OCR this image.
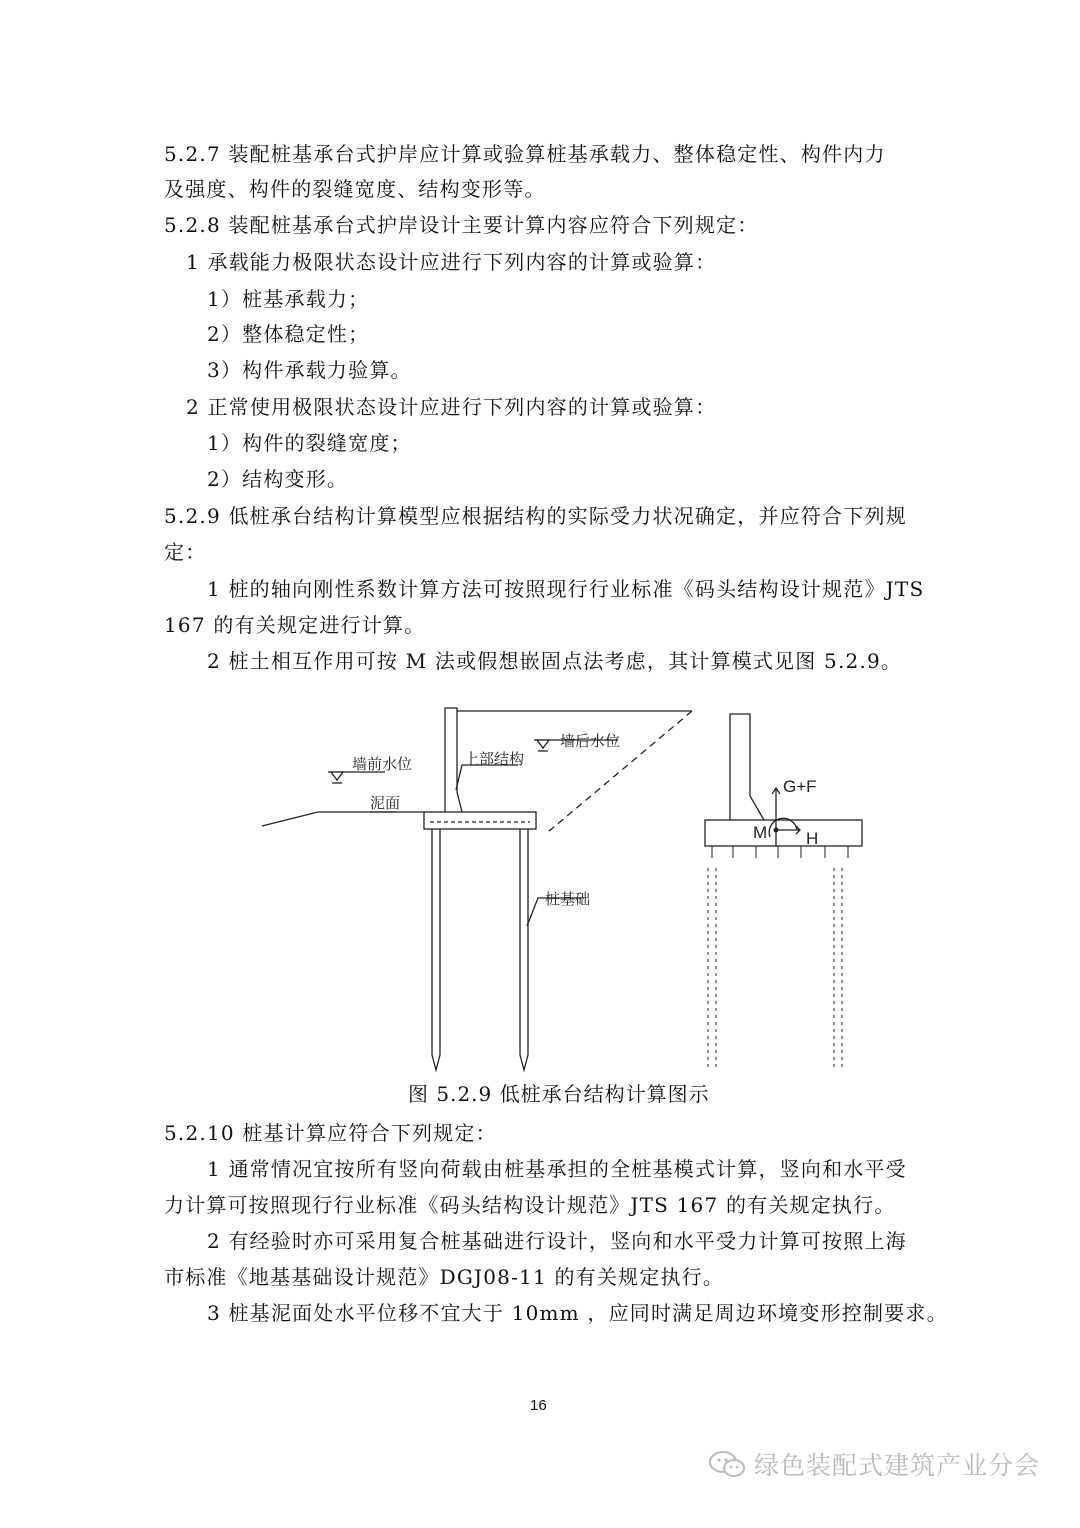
5.2.7 装配桩基承台式护岸应计算或验算桩基承载力、整体稳定性、构件内力
及强度、构件的裂缝宽度、结构变形等。
5.2.8 装配桩基承台式护岸设计主要计算内容应符合下列规定：
1 承载能力极限状态设计应进行下列内容的计算或验算：
1）桩基承载力；
2）整体稳定性；
3）构件承载力验算。
2 正常使用极限状态设计应进行下列内容的计算或验算：
1）构件的裂缝宽度；
2）结构变形。
5.2.9 低桩承台结构计算模型应根据结构的实际受力状况确定，并应符合下列规
定：
1 桩的轴向刚性系数计算方法可按照现行行业标准《码头结构设计规范》JTS
167 的有关规定进行计算。
2 桩土相互作用可按 M 法或假想嵌固点法考虑，其计算模式见图 5.2.9。
墙前水位
墙后水位
上部结构
泥面
桩基础
G+F
M H
图 5.2.9 低桩承台结构计算图示
5.2.10 桩基计算应符合下列规定：
1 通常情况宜按所有竖向荷载由桩基承担的全桩基模式计算，竖向和水平受
力计算可按照现行行业标准《码头结构设计规范》JTS 167 的有关规定执行。
2 有经验时亦可采用复合桩基础进行设计，竖向和水平受力计算可按照上海
市标准《地基基础设计规范》DGJ08-11 的有关规定执行。
3 桩基泥面处水平位移不宜大于 10mm ，应同时满足周边环境变形控制要求。
16
绿色装配式建筑产业分会
